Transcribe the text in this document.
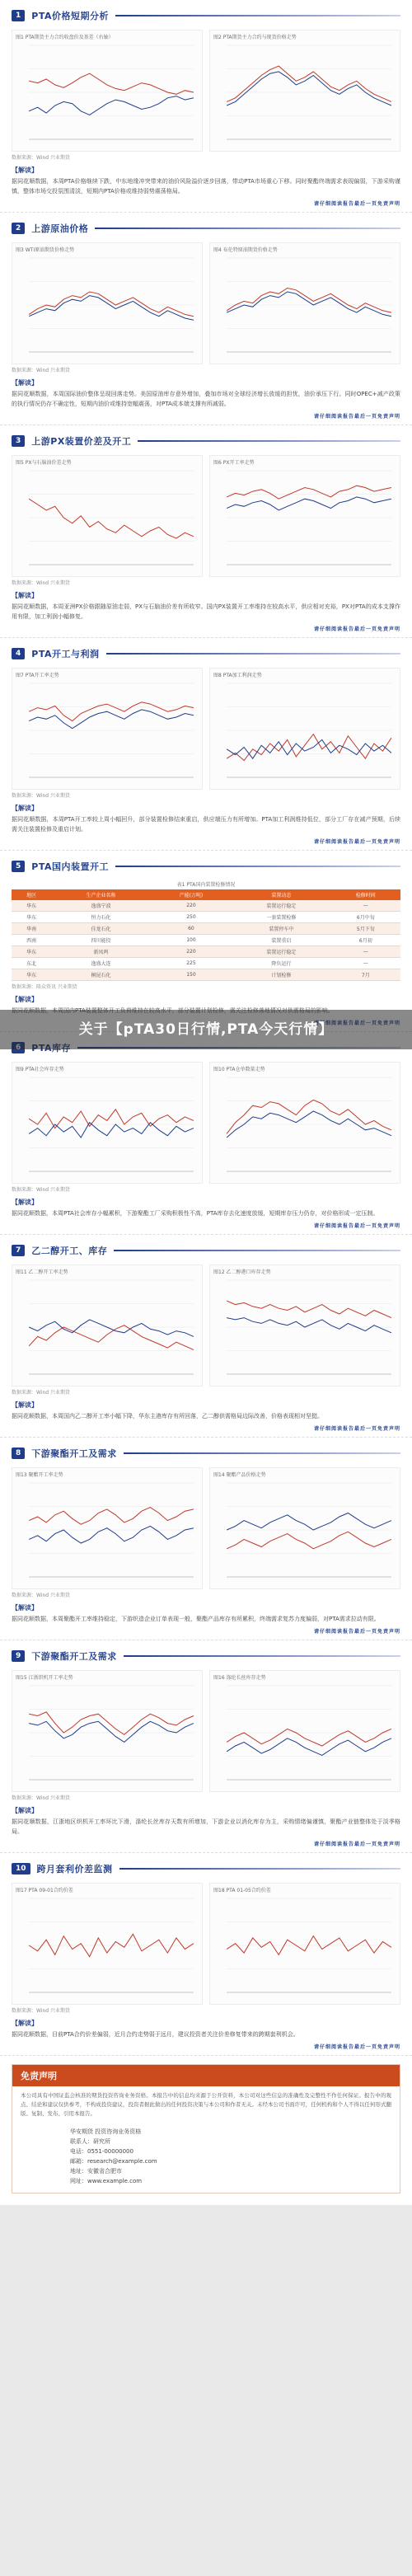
1	PTA价格短期分析
图1 PTA期货主力合约收盘价及基差（右轴）	图2 PTA期货主力合约与现货价格走势
数据来源：Wind 兴业期货
【解读】
据同花顺数据，本周PTA价格继续下跌，中东地缘冲突带来的油价风险溢价逐步回落，带动PTA市场重心下移。同时聚酯终端需求表现偏弱，下游采购谨慎，整体市场交投氛围清淡，短期内PTA价格或维持弱势震荡格局。
请仔细阅读报告最后一页免责声明
2	上游原油价格
图3 WTI原油期货价格走势	图4 布伦特原油期货价格走势
数据来源：Wind 兴业期货
【解读】
据同花顺数据，本周国际油价整体呈现回落走势。美国原油库存意外增加，叠加市场对全球经济增长放缓的担忧，油价承压下行。同时OPEC+减产政策的执行情况仍存不确定性，短期内油价或维持宽幅震荡，对PTA成本端支撑有所减弱。
请仔细阅读报告最后一页免责声明
3	上游PX装置价差及开工
图5 PX与石脑油价差走势	图6 PX开工率走势
数据来源：Wind 兴业期货
【解读】
据同花顺数据，本周亚洲PX价格跟随原油走弱，PX与石脑油价差有所收窄。国内PX装置开工率维持在较高水平，供应相对充裕，PX对PTA的成本支撑作用有限，加工利润小幅修复。
请仔细阅读报告最后一页免责声明
4	PTA开工与利润
图7 PTA开工率走势	图8 PTA加工利润走势
数据来源：Wind 兴业期货
【解读】
据同花顺数据，本周PTA开工率较上周小幅回升，部分装置检修结束重启，供应端压力有所增加。PTA加工利润维持低位，部分工厂存在减产预期，后续需关注装置检修及重启计划。
请仔细阅读报告最后一页免责声明
5	PTA国内装置开工
表1 PTA国内装置检修情况
地区	生产企业名称	产能(万吨)	装置动态	检修时间
华东	逸盛宁波	220	装置运行稳定	—
华东	恒力石化	250	一套装置检修	6月中旬
华南	佳龙石化	60	装置停车中	5月下旬
西南	四川能投	100	装置重启	6月初
华东	新凤鸣	220	装置运行稳定	—
东北	逸盛大连	225	降负运行	—
华东	桐昆石化	150	计划检修	7月
数据来源：隆众资讯 兴业期货
【解读】
图9 PTA社会库存走势	图10 PTA仓单数量走势
数据来源：Wind 兴业期货
【解读】
据同花顺数据，本周PTA社会库存小幅累积，下游聚酯工厂采购积极性不高，PTA库存去化速度放缓，短期库存压力仍存，对价格形成一定压制。
请仔细阅读报告最后一页免责声明
7	乙二醇开工、库存
图11 乙二醇开工率走势	图12 乙二醇港口库存走势
数据来源：Wind 兴业期货
【解读】
据同花顺数据，本周国内乙二醇开工率小幅下降，华东主港库存有所回落，乙二醇供需格局边际改善，价格表现相对坚挺。
请仔细阅读报告最后一页免责声明
8	下游聚酯开工及需求
图13 聚酯开工率走势	图14 聚酯产品价格走势
数据来源：Wind 兴业期货
【解读】
据同花顺数据，本周聚酯开工率维持稳定，下游织造企业订单表现一般，聚酯产品库存有所累积，终端需求复苏力度偏弱，对PTA需求拉动有限。
请仔细阅读报告最后一页免责声明
9	下游聚酯开工及需求
图15 江浙织机开工率走势	图16 涤纶长丝库存走势
数据来源：Wind 兴业期货
【解读】
据同花顺数据，江浙地区织机开工率环比下滑，涤纶长丝库存天数有所增加，下游企业以消化库存为主，采购情绪偏谨慎，聚酯产业链整体处于淡季格局。
请仔细阅读报告最后一页免责声明
10	跨月套利价差监测
图17 PTA 09-01合约价差	图18 PTA 01-05合约价差
数据来源：Wind 兴业期货
【解读】
据同花顺数据，目前PTA合约价差偏弱，近月合约走势弱于远月，建议投资者关注价差修复带来的跨期套利机会。
请仔细阅读报告最后一页免责声明
免责声明
本公司具有中国证监会核准的期货投资咨询业务资格。本报告中的信息均来源于公开资料，本公司对这些信息的准确性及完整性不作任何保证。报告中的观点、结论和建议仅供参考，不构成投资建议，投资者据此做出的任何投资决策与本公司和作者无关。未经本公司书面许可，任何机构和个人不得以任何形式翻版、复制、发布、引用本报告。
华安期货 投资咨询业务资格
联系人：研究所
电话：0551-00000000
邮箱：research@example.com
地址：安徽省合肥市
网址：www.example.com
关于【pTA30日行情,PTA今天行情】
